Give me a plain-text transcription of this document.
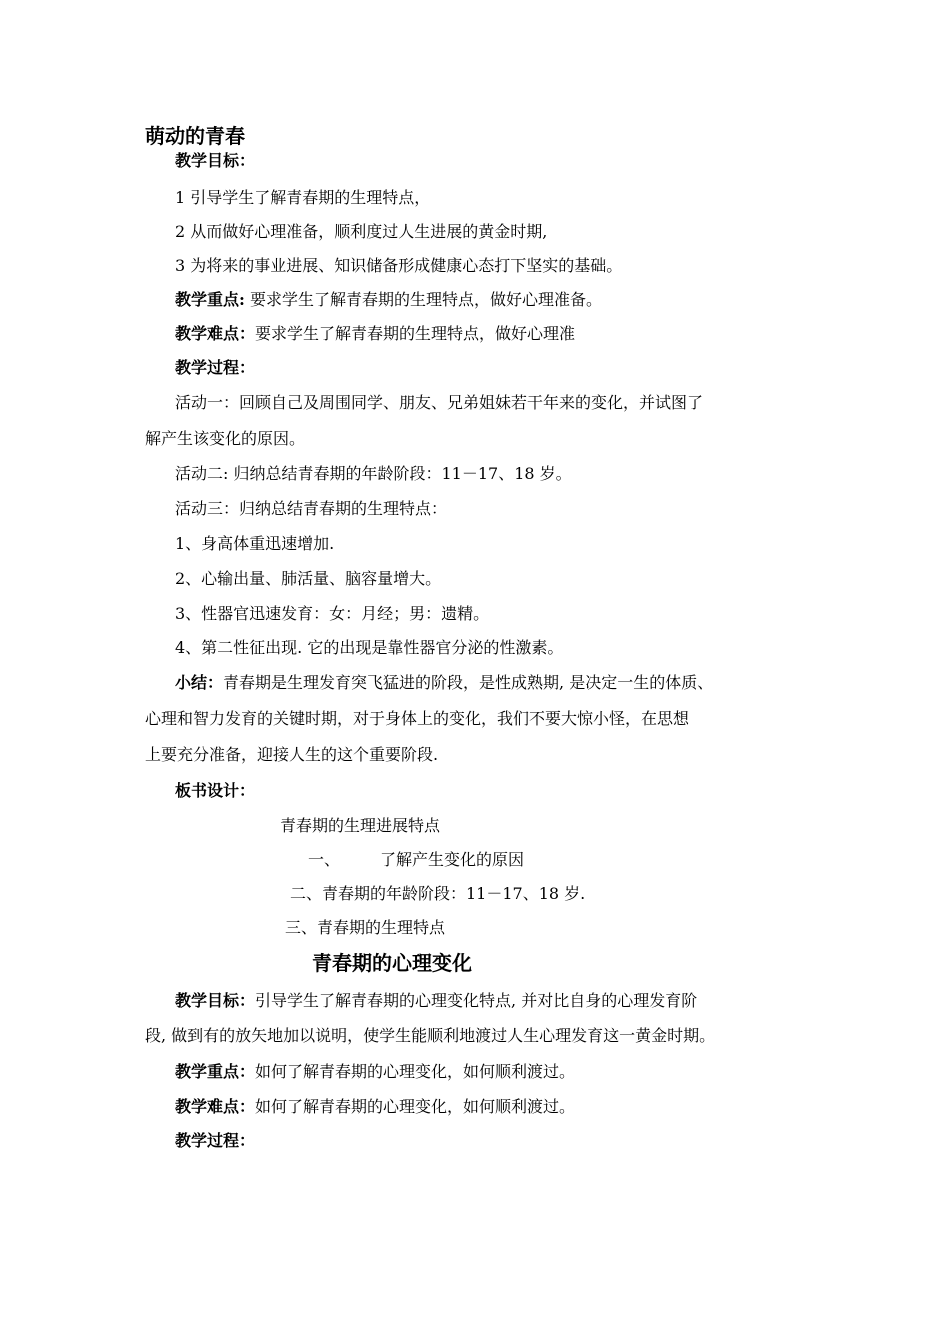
萌动的青春
教学目标：
1 引导学生了解青春期的生理特点，
2 从而做好心理准备，顺利度过人生进展的黄金时期,
3 为将来的事业进展、知识储备形成健康心态打下坚实的基础。
教学重点: 要求学生了解青春期的生理特点，做好心理准备。
教学难点：要求学生了解青春期的生理特点，做好心理准
教学过程：
活动一：回顾自己及周围同学、朋友、兄弟姐妹若干年来的变化，并试图了
解产生该变化的原因。
活动二: 归纳总结青春期的年龄阶段：11－17、18 岁。
活动三：归纳总结青春期的生理特点：
1、身高体重迅速增加.
2、心输出量、肺活量、脑容量增大。
3、性器官迅速发育：女：月经；男：遗精。
4、第二性征出现. 它的出现是靠性器官分泌的性激素。
小结：青春期是生理发育突飞猛进的阶段，是性成熟期, 是决定一生的体质、
心理和智力发育的关键时期，对于身体上的变化，我们不要大惊小怪，在思想
上要充分准备，迎接人生的这个重要阶段.
板书设计：
青春期的生理进展特点
一、 了解产生变化的原因
二、青春期的年龄阶段：11－17、18 岁.
三、青春期的生理特点
青春期的心理变化
教学目标：引导学生了解青春期的心理变化特点, 并对比自身的心理发育阶
段, 做到有的放矢地加以说明，使学生能顺利地渡过人生心理发育这一黄金时期。
教学重点：如何了解青春期的心理变化，如何顺利渡过。
教学难点：如何了解青春期的心理变化，如何顺利渡过。
教学过程：
